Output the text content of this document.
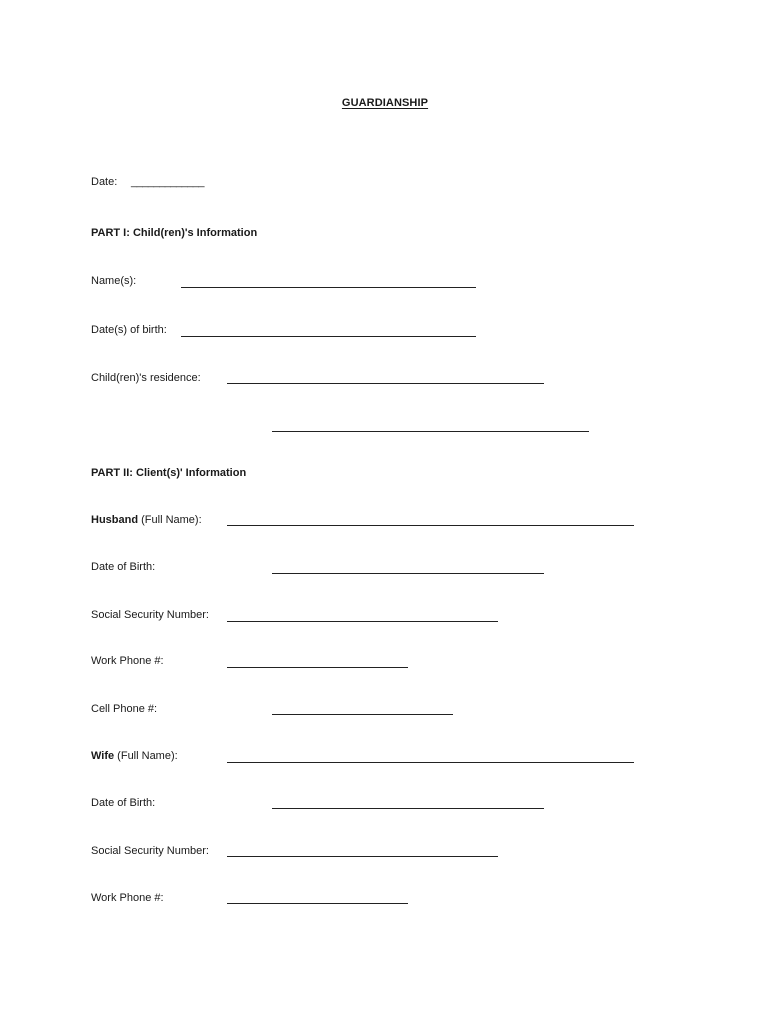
GUARDIANSHIP
Date: _____________
PART I: Child(ren)'s Information
Name(s):
Date(s) of birth:
Child(ren)'s residence:
PART II: Client(s)' Information
Husband (Full Name):
Date of Birth:
Social Security Number:
Work Phone #:
Cell Phone #:
Wife (Full Name):
Date of Birth:
Social Security Number:
Work Phone #:
